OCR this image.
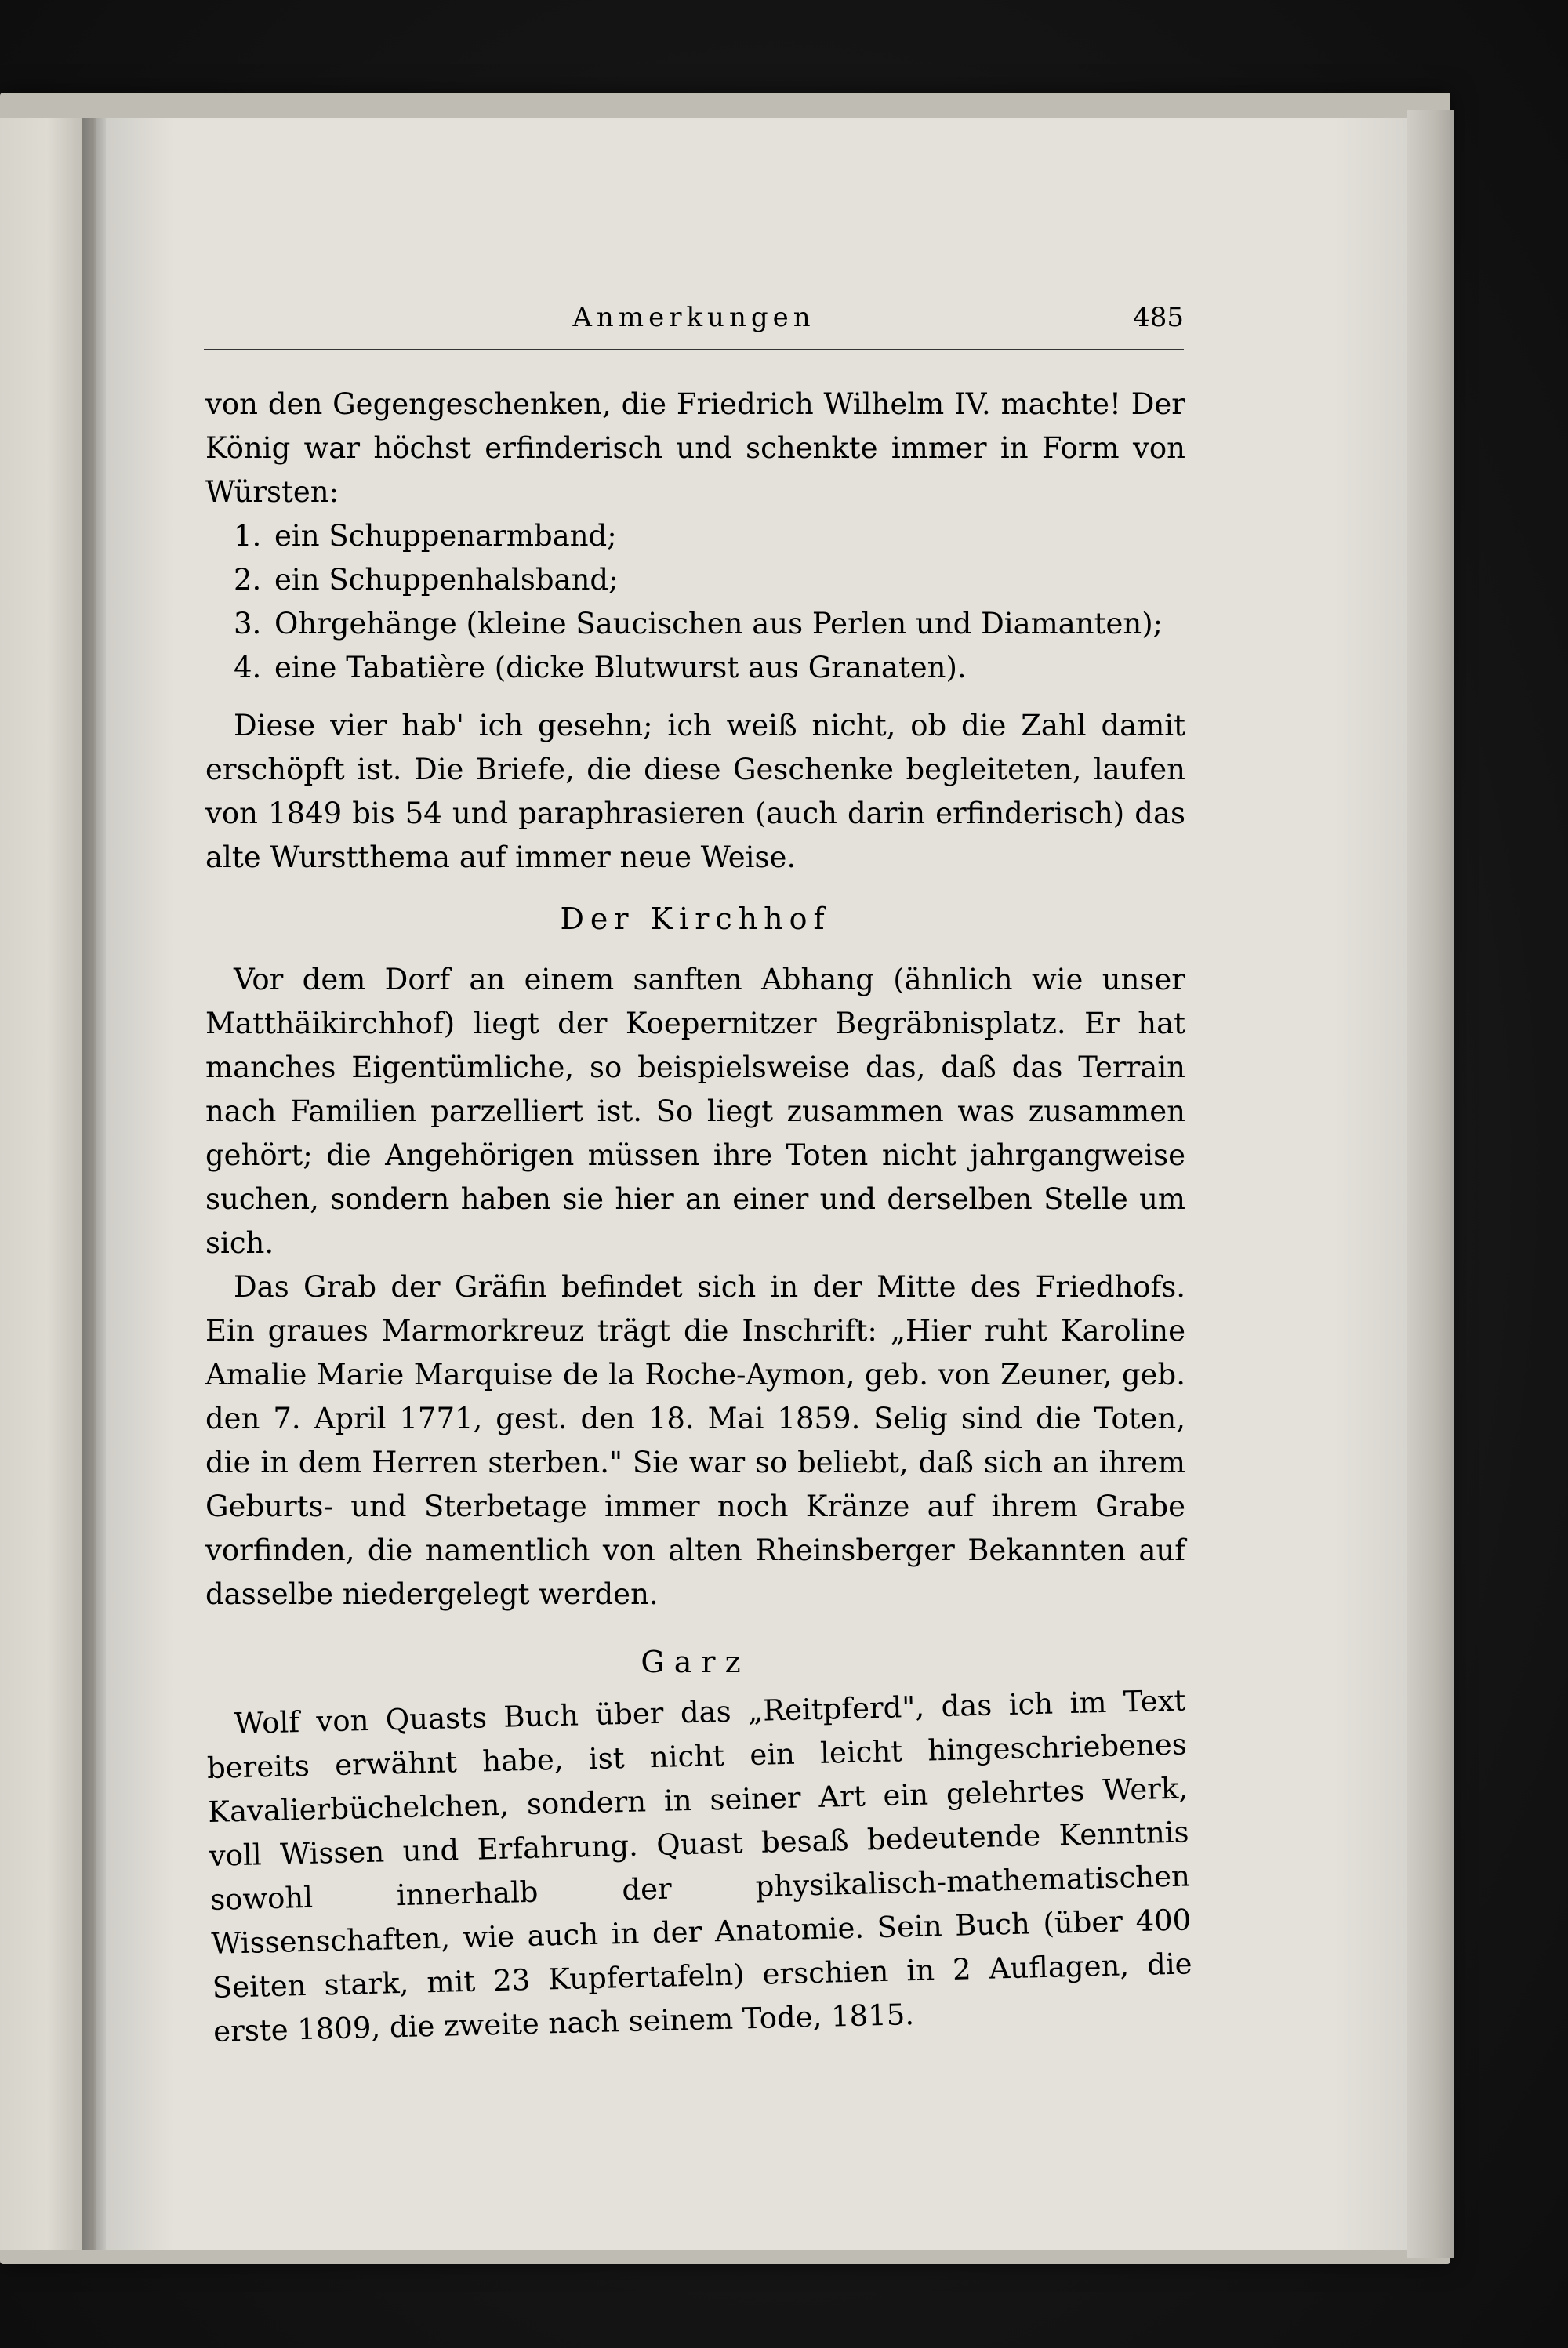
Anmerkungen	485

von den Gegengeschenken, die Friedrich Wilhelm IV. machte! Der König war höchst erfinderisch und schenkte immer in Form von Würsten:

1. ein Schuppenarmband;
2. ein Schuppenhalsband;
3. Ohrgehänge (kleine Saucischen aus Perlen und Diamanten);
4. eine Tabatière (dicke Blutwurst aus Granaten).

Diese vier hab' ich gesehn; ich weiß nicht, ob die Zahl damit erschöpft ist. Die Briefe, die diese Geschenke begleiteten, laufen von 1849 bis 54 und paraphrasieren (auch darin erfinderisch) das alte Wurstthema auf immer neue Weise.

Der Kirchhof

Vor dem Dorf an einem sanften Abhang (ähnlich wie unser Matthäikirchhof) liegt der Koepernitzer Begräbnisplatz. Er hat manches Eigentümliche, so beispielsweise das, daß das Terrain nach Familien parzelliert ist. So liegt zusammen was zusammen gehört; die Angehörigen müssen ihre Toten nicht jahrgangweise suchen, sondern haben sie hier an einer und derselben Stelle um sich.

Das Grab der Gräfin befindet sich in der Mitte des Friedhofs. Ein graues Marmorkreuz trägt die Inschrift: „Hier ruht Karoline Amalie Marie Marquise de la Roche-Aymon, geb. von Zeuner, geb. den 7. April 1771, gest. den 18. Mai 1859. Selig sind die Toten, die in dem Herren sterben." Sie war so beliebt, daß sich an ihrem Geburts- und Sterbetage immer noch Kränze auf ihrem Grabe vorfinden, die namentlich von alten Rheinsberger Bekannten auf dasselbe niedergelegt werden.

Garz

Wolf von Quasts Buch über das „Reitpferd", das ich im Text bereits erwähnt habe, ist nicht ein leicht hingeschriebenes Kavalierbüchelchen, sondern in seiner Art ein gelehrtes Werk, voll Wissen und Erfahrung. Quast besaß bedeutende Kenntnis sowohl innerhalb der physikalisch-mathematischen Wissenschaften, wie auch in der Anatomie. Sein Buch (über 400 Seiten stark, mit 23 Kupfertafeln) erschien in 2 Auflagen, die erste 1809, die zweite nach seinem Tode, 1815.
